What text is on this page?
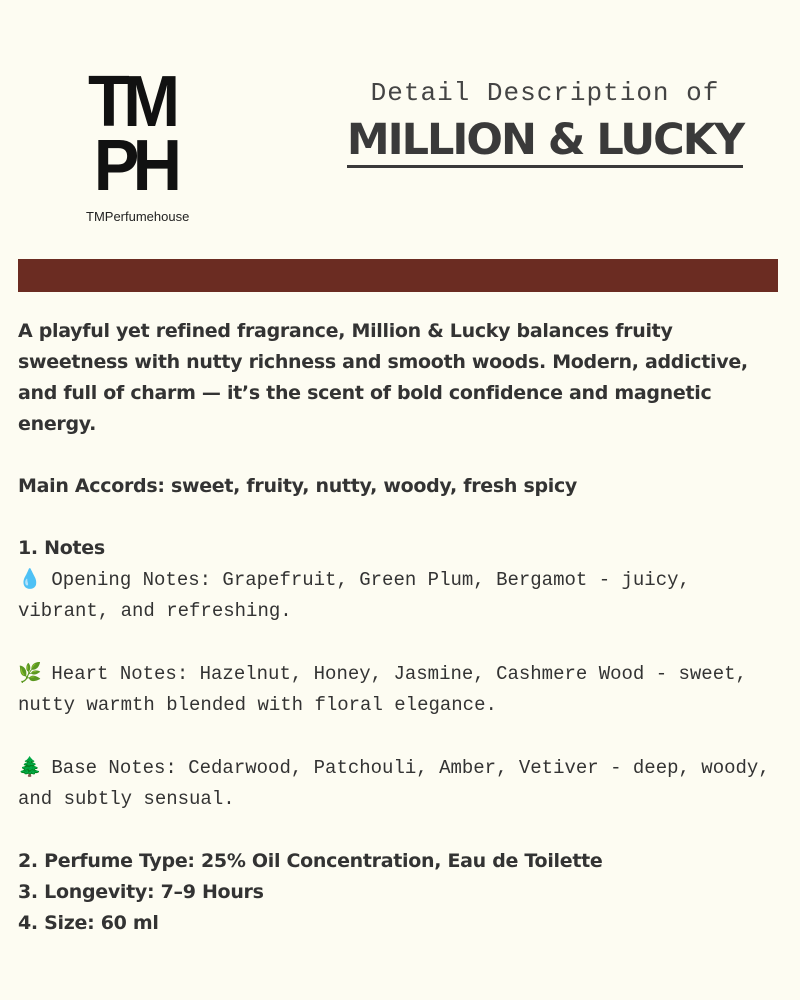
TM
PH
TMPerfumehouse
Detail Description of
MILLION & LUCKY

A playful yet refined fragrance, Million & Lucky balances fruity sweetness with nutty richness and smooth woods. Modern, addictive, and full of charm — it’s the scent of bold confidence and magnetic energy.

Main Accords: sweet, fruity, nutty, woody, fresh spicy

1. Notes

💧 Opening Notes: Grapefruit, Green Plum, Bergamot - juicy, vibrant, and refreshing.

🌿 Heart Notes: Hazelnut, Honey, Jasmine, Cashmere Wood - sweet, nutty warmth blended with floral elegance.

🌲 Base Notes: Cedarwood, Patchouli, Amber, Vetiver - deep, woody, and subtly sensual.

2. Perfume Type: 25% Oil Concentration, Eau de Toilette

3. Longevity: 7–9 Hours

4. Size: 60 ml
